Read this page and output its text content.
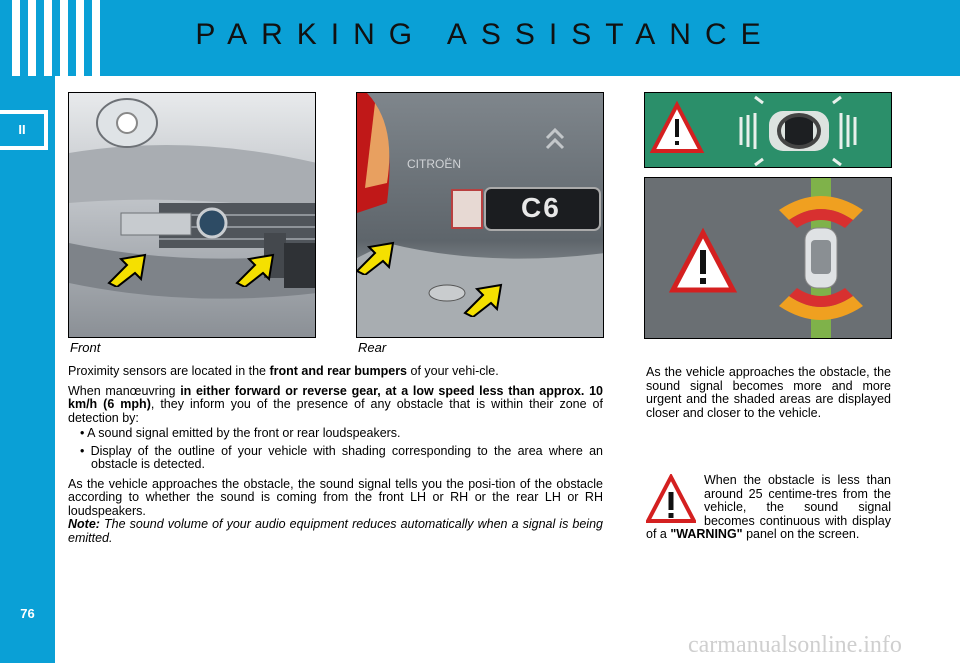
PARKING ASSISTANCE
II
76
Front
CITROËN
C6
Rear

Proximity sensors are located in the front and rear bumpers of your vehi-cle.

When manœuvring in either forward or reverse gear, at a low speed less than approx. 10 km/h (6 mph), they inform you of the presence of any obstacle that is within their zone of detection by:

• A sound signal emitted by the front or rear loudspeakers.
• Display of the outline of your vehicle with shading corresponding to the area where an obstacle is detected.

As the vehicle approaches the obstacle, the sound signal tells you the posi-tion of the obstacle according to whether the sound is coming from the front LH or RH or the rear LH or RH loudspeakers.

Note: The sound volume of your audio equipment reduces automatically when a signal is being emitted.

As the vehicle approaches the obstacle, the sound signal becomes more and more urgent and the shaded areas are displayed closer and closer to the vehicle.
When the obstacle is less than around 25 centime-tres from the vehicle, the sound signal becomes continuous with display of a "WARNING" panel on the screen.
carmanualsonline.info
